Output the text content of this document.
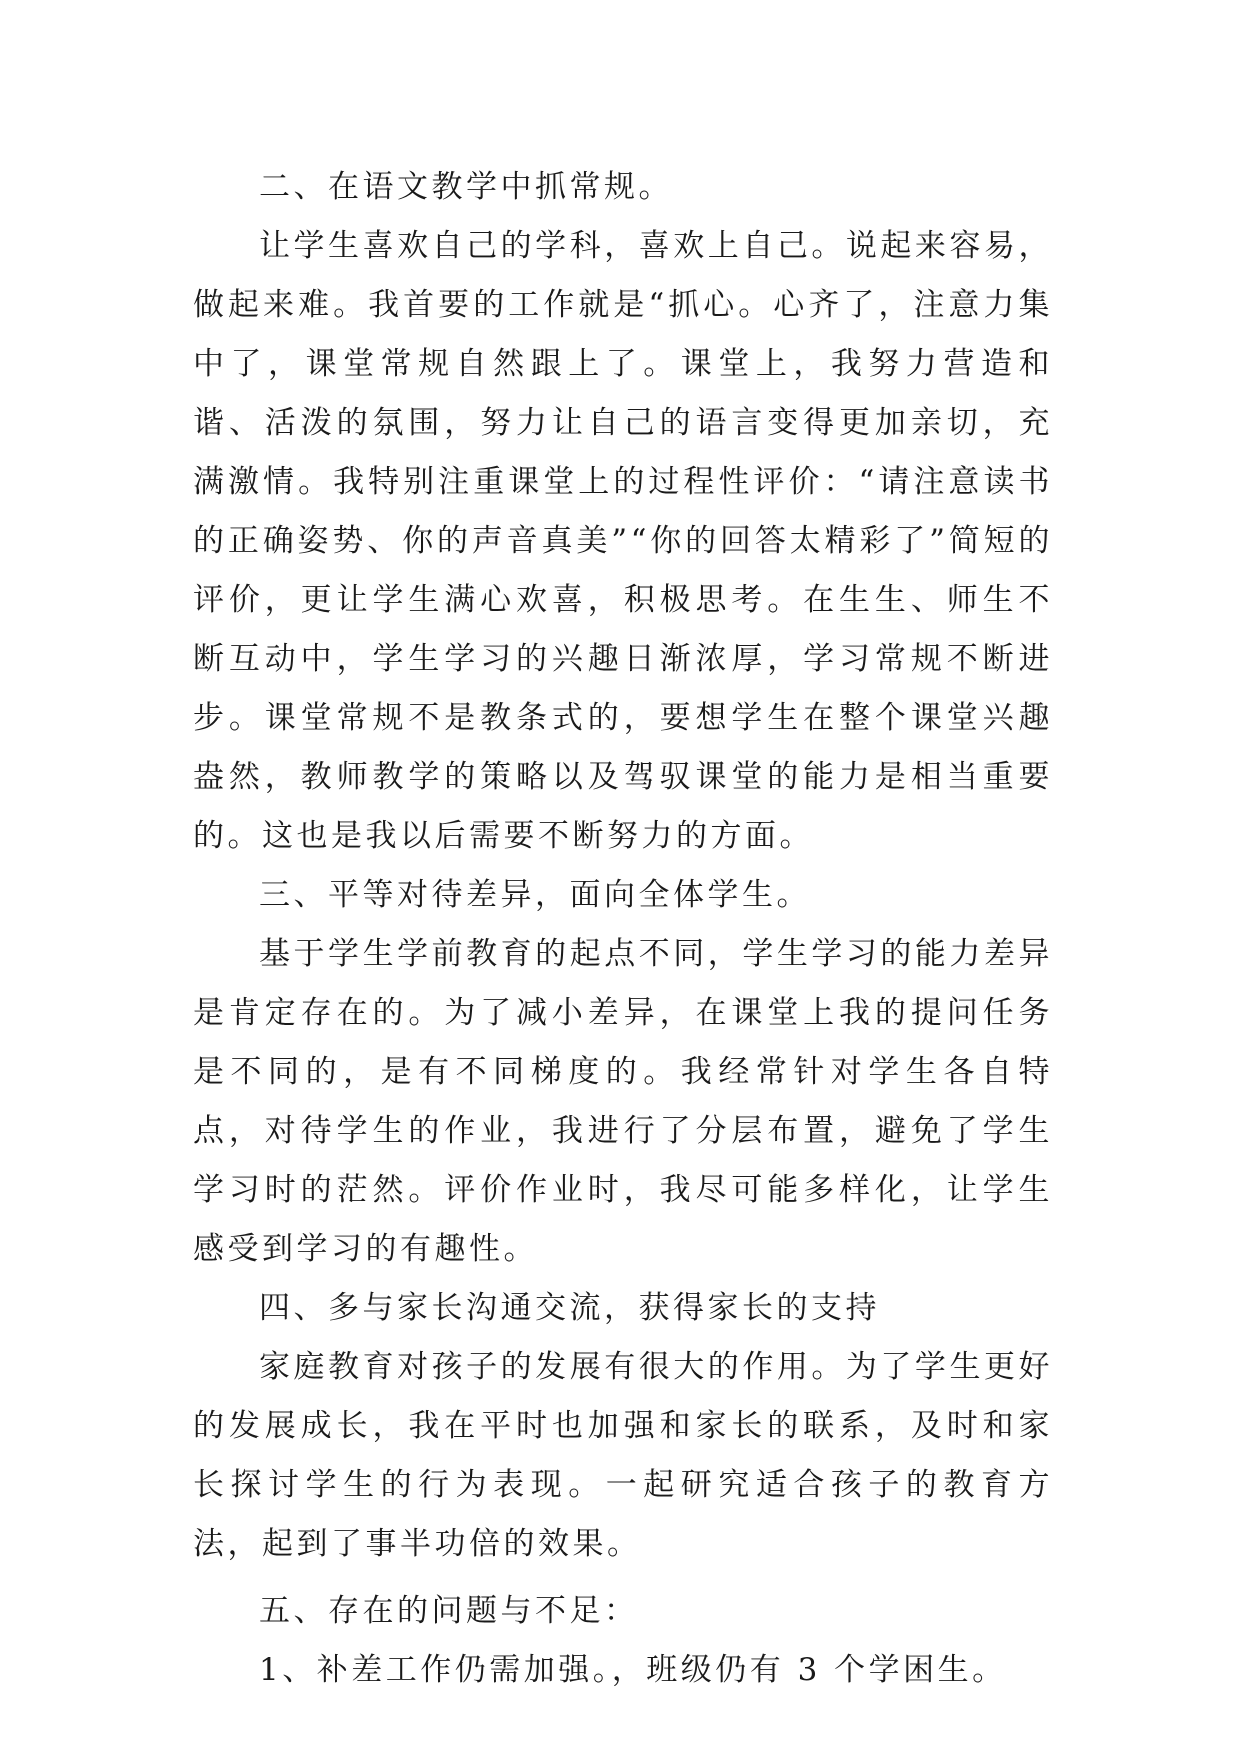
二、在语文教学中抓常规。

让学生喜欢自己的学科，喜欢上自己。说起来容易，做起来难。我首要的工作就是“抓心。心齐了，注意力集中了，课堂常规自然跟上了。课堂上，我努力营造和谐、活泼的氛围，努力让自己的语言变得更加亲切，充满激情。我特别注重课堂上的过程性评价：“请注意读书的正确姿势、你的声音真美”“你的回答太精彩了”简短的评价，更让学生满心欢喜，积极思考。在生生、师生不断互动中，学生学习的兴趣日渐浓厚，学习常规不断进步。课堂常规不是教条式的，要想学生在整个课堂兴趣盎然，教师教学的策略以及驾驭课堂的能力是相当重要的。这也是我以后需要不断努力的方面。

三、平等对待差异，面向全体学生。

基于学生学前教育的起点不同，学生学习的能力差异是肯定存在的。为了减小差异，在课堂上我的提问任务是不同的，是有不同梯度的。我经常针对学生各自特点，对待学生的作业，我进行了分层布置，避免了学生学习时的茫然。评价作业时，我尽可能多样化，让学生感受到学习的有趣性。

四、多与家长沟通交流，获得家长的支持

家庭教育对孩子的发展有很大的作用。为了学生更好的发展成长，我在平时也加强和家长的联系，及时和家长探讨学生的行为表现。一起研究适合孩子的教育方法，起到了事半功倍的效果。

五、存在的问题与不足：

1、补差工作仍需加强。，班级仍有 3 个学困生。
